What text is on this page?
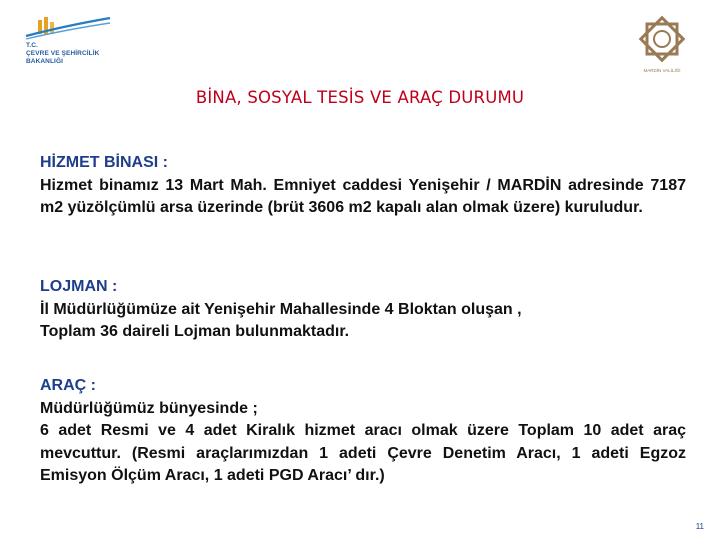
T.C.
ÇEVRE VE ŞEHİRCİLİK
BAKANLIĞI
MARDİN VALİLİĞİ
BİNA, SOSYAL TESİS VE ARAÇ DURUMU
HİZMET BİNASI :
Hizmet binamız 13 Mart Mah. Emniyet caddesi Yenişehir / MARDİN adresinde 7187 m2 yüzölçümlü arsa üzerinde (brüt 3606 m2 kapalı alan olmak üzere) kuruludur.
LOJMAN :
İl Müdürlüğümüze ait Yenişehir Mahallesinde 4 Bloktan oluşan ,
Toplam 36 daireli Lojman bulunmaktadır.
ARAÇ :
Müdürlüğümüz bünyesinde ;
6 adet Resmi ve 4 adet Kiralık hizmet aracı olmak üzere Toplam 10 adet araç mevcuttur. (Resmi araçlarımızdan 1 adeti Çevre Denetim Aracı, 1 adeti Egzoz Emisyon Ölçüm Aracı, 1 adeti PGD Aracı’ dır.)
11
